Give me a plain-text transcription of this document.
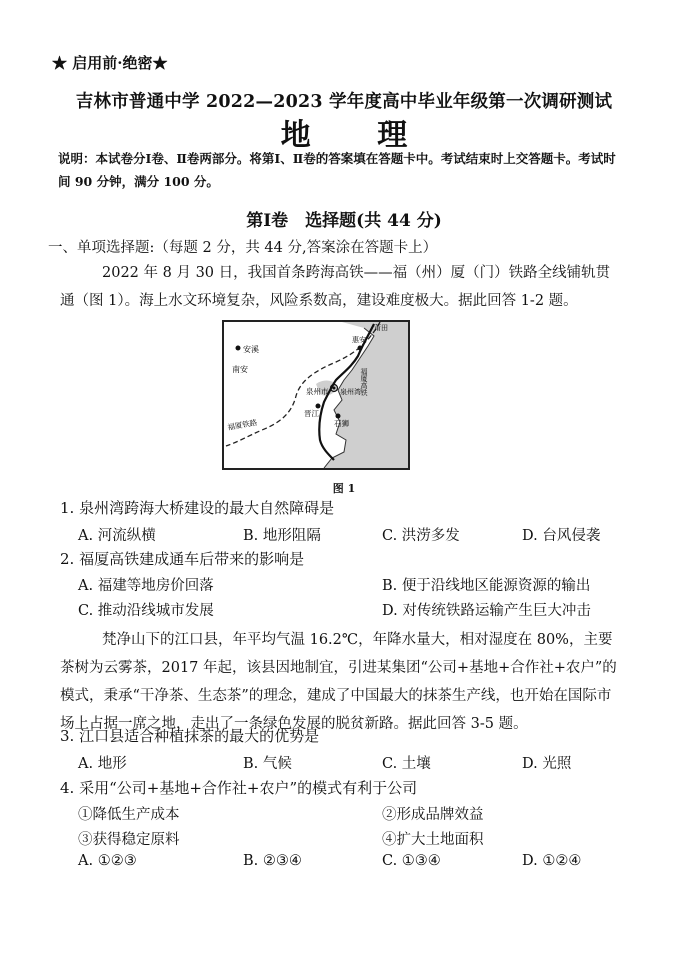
★ 启用前·绝密★
吉林市普通中学 2022—2023 学年度高中毕业年级第一次调研测试
地 理
说明：本试卷分Ⅰ卷、Ⅱ卷两部分。将第Ⅰ、Ⅱ卷的答案填在答题卡中。考试结束时上交答题卡。考试时间 90 分钟，满分 100 分。
第Ⅰ卷　选择题(共 44 分)
一、单项选择题:（每题 2 分，共 44 分,答案涂在答题卡上）
2022 年 8 月 30 日，我国首条跨海高铁——福（州）厦（门）铁路全线铺轨贯通（图 1）。海上水文环境复杂，风险系数高，建设难度极大。据此回答 1-2 题。
安溪
南安
莆田
惠安
泉州市 泉州湾
晋江
石狮
福厦铁路
福厦高铁
图 1
1. 泉州湾跨海大桥建设的最大自然障碍是
A. 河流纵横	B. 地形阻隔	C. 洪涝多发	D. 台风侵袭
2. 福厦高铁建成通车后带来的影响是
A. 福建等地房价回落	B. 便于沿线地区能源资源的输出
C. 推动沿线城市发展	D. 对传统铁路运输产生巨大冲击
梵净山下的江口县，年平均气温 16.2℃，年降水量大，相对湿度在 80%，主要茶树为云雾茶，2017 年起，该县因地制宜，引进某集团“公司+基地+合作社+农户”的模式，秉承“干净茶、生态茶”的理念，建成了中国最大的抹茶生产线，也开始在国际市场上占据一席之地，走出了一条绿色发展的脱贫新路。据此回答 3-5 题。
3. 江口县适合种植抹茶的最大的优势是
A. 地形	B. 气候	C. 土壤	D. 光照
4. 采用“公司+基地+合作社+农户”的模式有利于公司
①降低生产成本	②形成品牌效益
③获得稳定原料	④扩大土地面积
A. ①②③	B. ②③④	C. ①③④	D. ①②④
